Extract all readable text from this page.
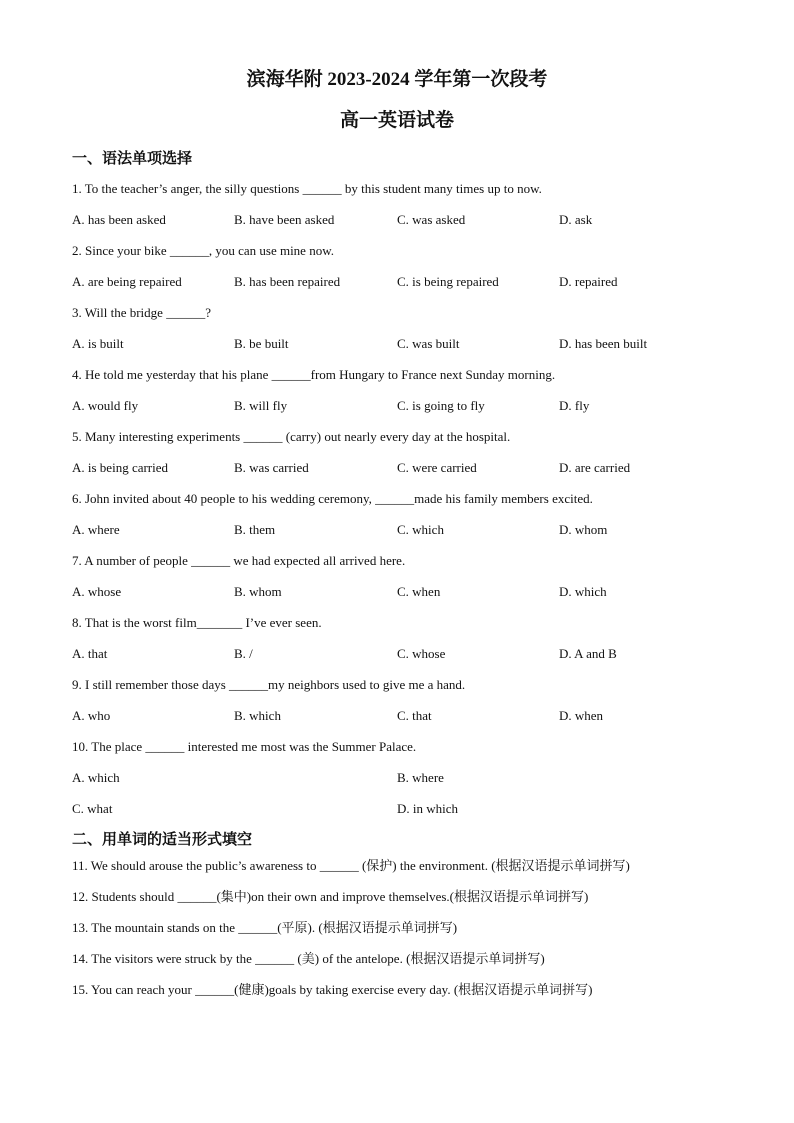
滨海华附 2023-2024 学年第一次段考
高一英语试卷
一、语法单项选择
1. To the teacher’s anger, the silly questions ______ by this student many times up to now.
A. has been asked	B. have been asked	C. was asked	D. ask
2. Since your bike ______, you can use mine now.
A. are being repaired	B. has been repaired	C. is being repaired	D. repaired
3. Will the bridge ______?
A. is built	B. be built	C. was built	D. has been built
4. He told me yesterday that his plane ______from Hungary to France next Sunday morning.
A. would fly	B. will fly	C. is going to fly	D. fly
5. Many interesting experiments ______ (carry) out nearly every day at the hospital.
A. is being carried	B. was carried	C. were carried	D. are carried
6. John invited about 40 people to his wedding ceremony, ______made his family members excited.
A. where	B. them	C. which	D. whom
7. A number of people ______ we had expected all arrived here.
A. whose	B. whom	C. when	D. which
8. That is the worst film_______ I’ve ever seen.
A. that	B. /	C. whose	D. A and B
9. I still remember those days ______my neighbors used to give me a hand.
A. who	B. which	C. that	D. when
10. The place ______ interested me most was the Summer Palace.
A. which	B. where
C. what	D. in which
二、用单词的适当形式填空
11. We should arouse the public’s awareness to ______ (保护) the environment. (根据汉语提示单词拼写)
12. Students should ______(集中)on their own and improve themselves.(根据汉语提示单词拼写)
13. The mountain stands on the ______(平原). (根据汉语提示单词拼写)
14. The visitors were struck by the ______ (美) of the antelope. (根据汉语提示单词拼写)
15. You can reach your ______(健康)goals by taking exercise every day. (根据汉语提示单词拼写)
